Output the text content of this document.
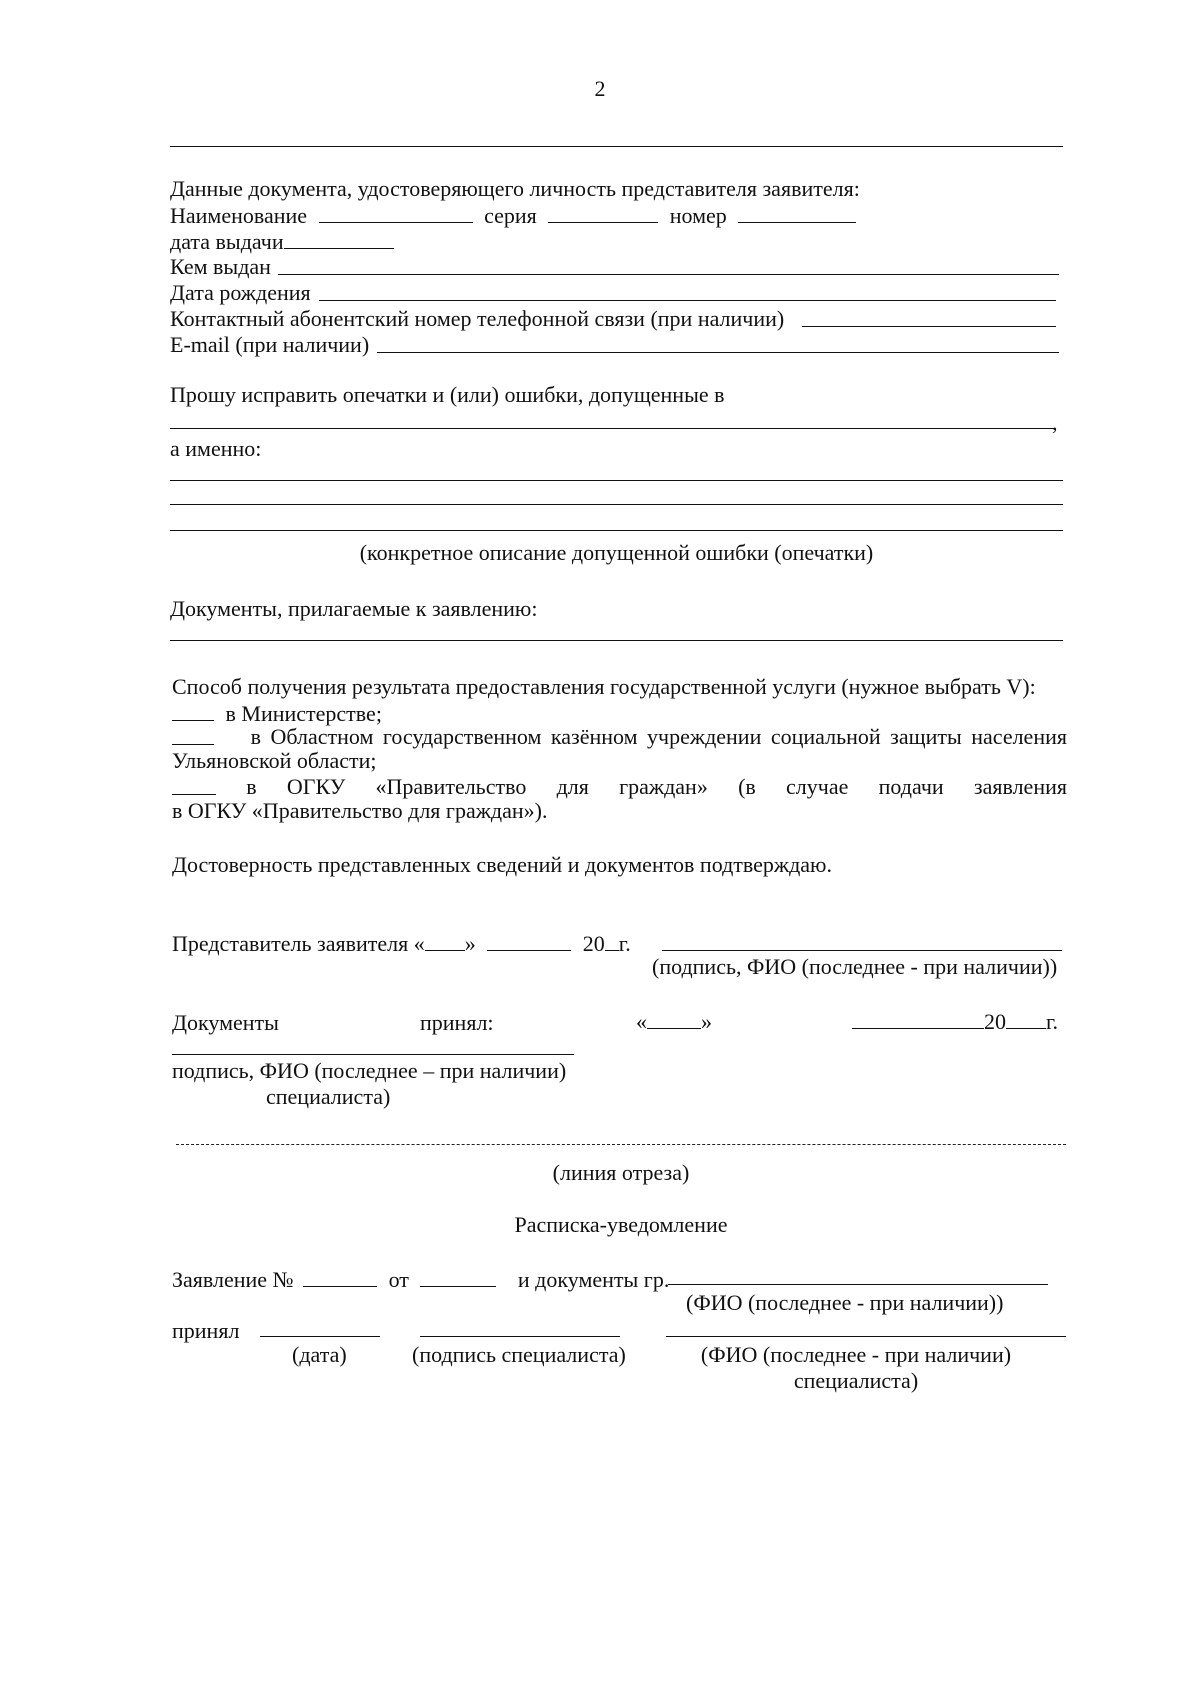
2
Данные документа, удостоверяющего личность представителя заявителя:
Наименование	серия	номер
дата выдачи
Кем выдан
Дата рождения
Контактный абонентский номер телефонной связи (при наличии)
E-mail (при наличии)
Прошу исправить опечатки и (или) ошибки, допущенные в
,
а именно:
(конкретное описание допущенной ошибки (опечатки)
Документы, прилагаемые к заявлению:
Способ получения результата предоставления государственной услуги (нужное выбрать V):
в Министерстве;
в Областном государственном казённом учреждении социальной защиты населения
Ульяновской области;
в ОГКУ «Правительство для граждан» (в случае подачи заявления
в ОГКУ «Правительство для граждан»).
Достоверность представленных сведений и документов подтверждаю.
Представитель заявителя « »	20 г.
(подпись, ФИО (последнее - при наличии))
Документы	принял:	« »	20 г.
подпись, ФИО (последнее – при наличии)
специалиста)
(линия отреза)
Расписка-уведомление
Заявление №	от	и документы гр.
(ФИО (последнее - при наличии))
принял
(дата)	(подпись специалиста)	(ФИО (последнее - при наличии)
специалиста)
